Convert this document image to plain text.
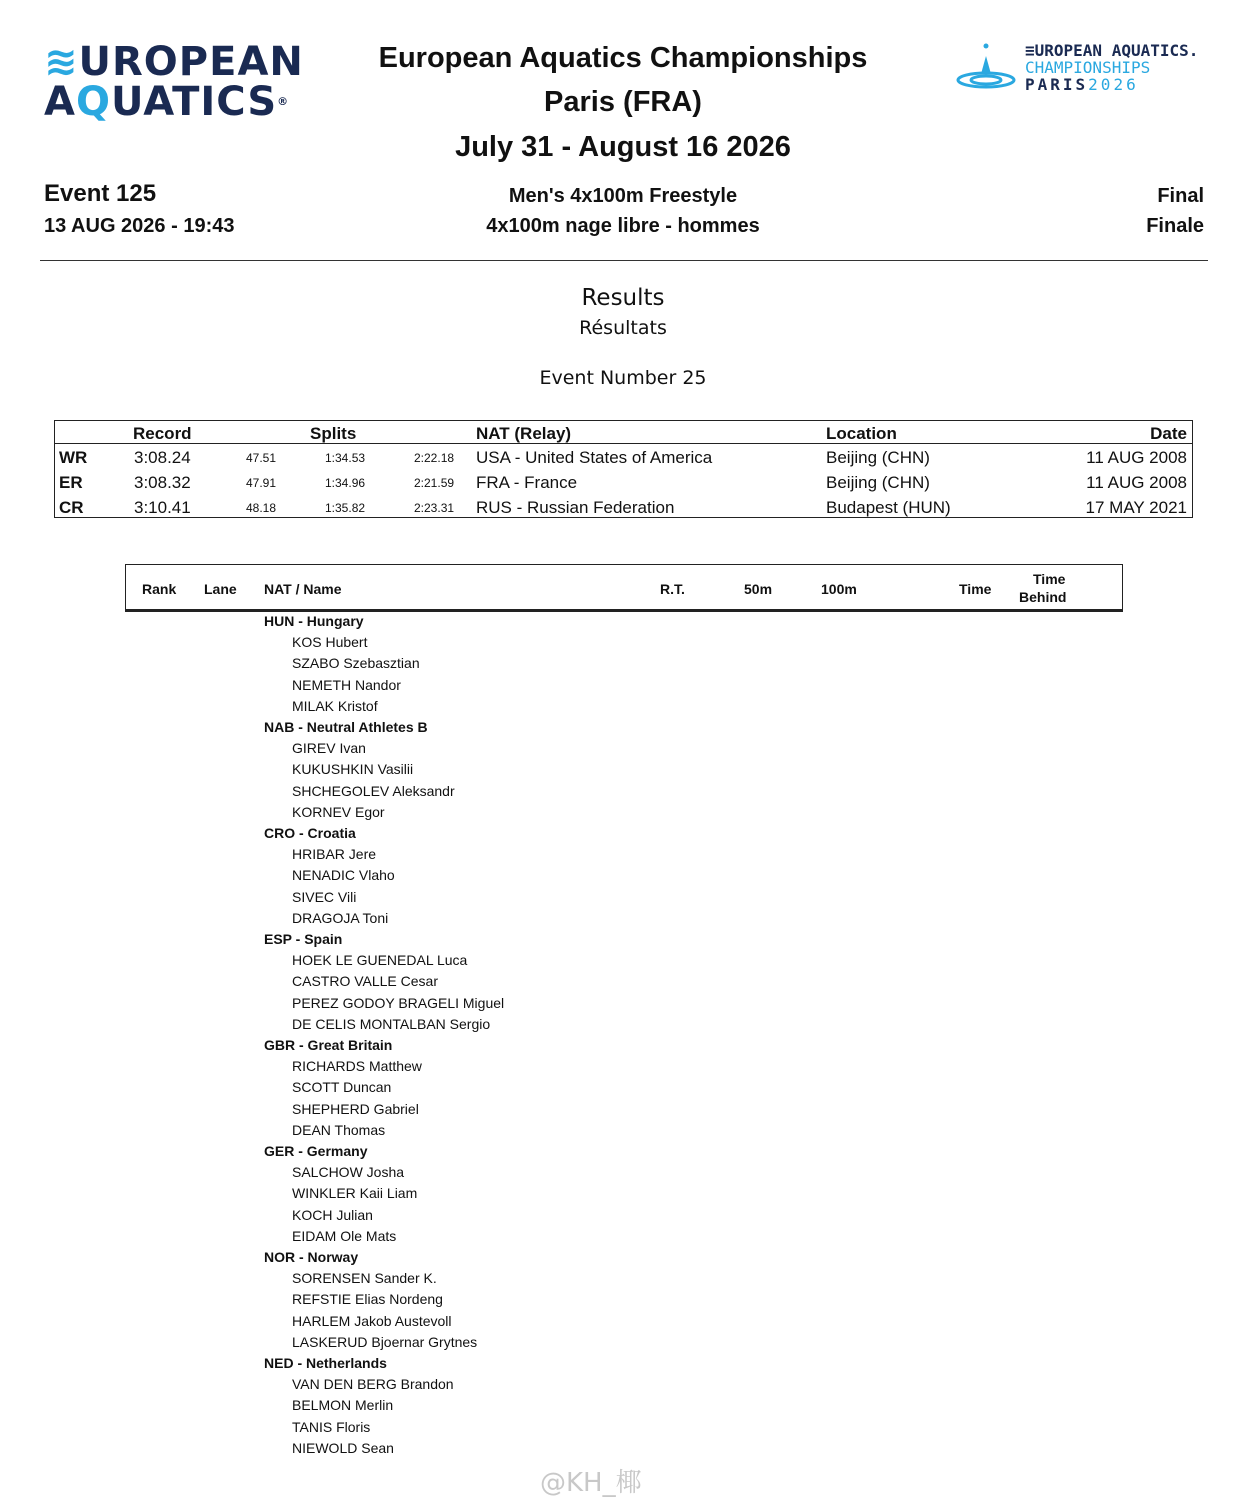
≋UROPEAN
AQUATICS®
European Aquatics Championships
Paris (FRA)
July 31 - August 16 2026
≡UROPEAN AQUATICS.
CHAMPIONSHIPS
PARIS2026
Event 125
13 AUG 2026 - 19:43
Men's 4x100m Freestyle
4x100m nage libre - hommes
Final
Finale
Results
Résultats
Event Number 25
Record	Splits	NAT (Relay)	Location	Date
WR	3:08.24	47.51	1:34.53	2:22.18 USA - United States of America	Beijing (CHN)	11 AUG 2008
ER	3:08.32	47.91	1:34.96	2:21.59 FRA - France	Beijing (CHN)	11 AUG 2008
CR	3:10.41	48.18	1:35.82	2:23.31 RUS - Russian Federation	Budapest (HUN)	17 MAY 2021
Rank Lane NAT / Name	R.T.	50m	100m	Time
Time
Behind
HUN - Hungary
KOS Hubert
SZABO Szebasztian
NEMETH Nandor
MILAK Kristof
NAB - Neutral Athletes B
GIREV Ivan
KUKUSHKIN Vasilii
SHCHEGOLEV Aleksandr
KORNEV Egor
CRO - Croatia
HRIBAR Jere
NENADIC Vlaho
SIVEC Vili
DRAGOJA Toni
ESP - Spain
HOEK LE GUENEDAL Luca
CASTRO VALLE Cesar
PEREZ GODOY BRAGELI Miguel
DE CELIS MONTALBAN Sergio
GBR - Great Britain
RICHARDS Matthew
SCOTT Duncan
SHEPHERD Gabriel
DEAN Thomas
GER - Germany
SALCHOW Josha
WINKLER Kaii Liam
KOCH Julian
EIDAM Ole Mats
NOR - Norway
SORENSEN Sander K.
REFSTIE Elias Nordeng
HARLEM Jakob Austevoll
LASKERUD Bjoernar Grytnes
NED - Netherlands
VAN DEN BERG Brandon
BELMON Merlin
TANIS Floris
NIEWOLD Sean
@KH_椰
